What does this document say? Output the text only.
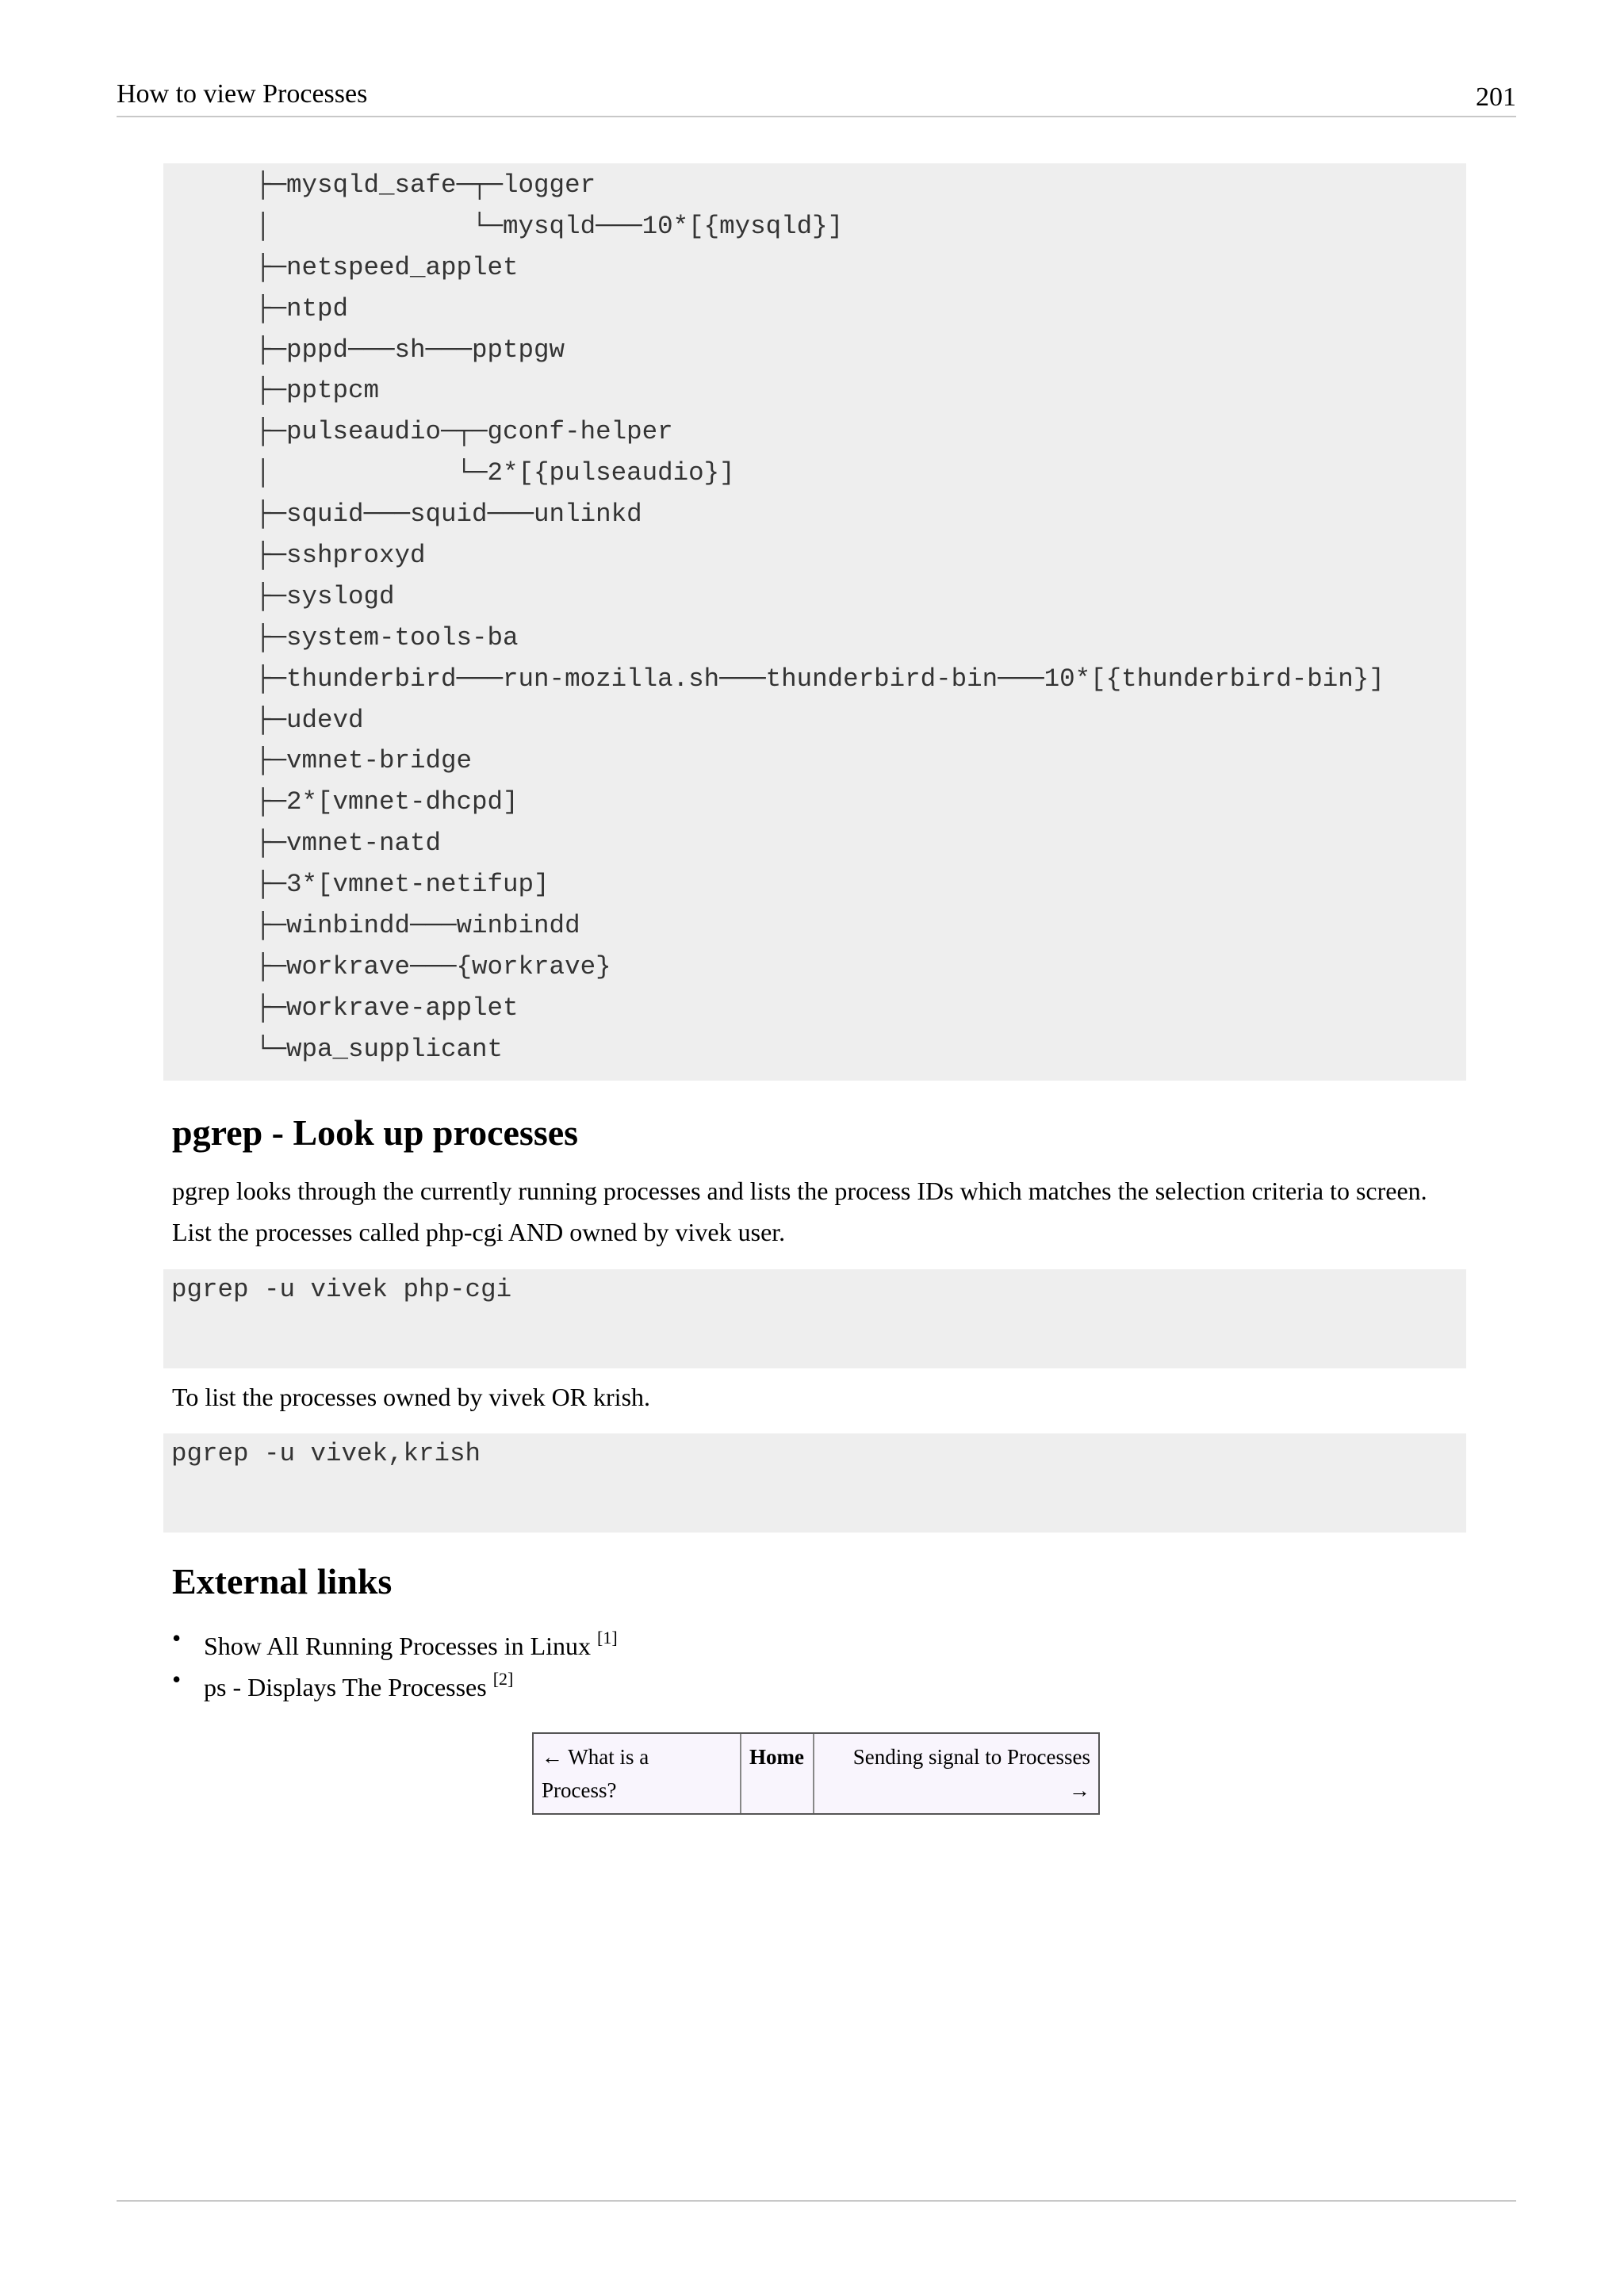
How to view Processes	201
├─mysqld_safe─┬─logger
│             └─mysqld───10*[{mysqld}]
├─netspeed_applet
├─ntpd
├─pppd───sh───pptpgw
├─pptpcm
├─pulseaudio─┬─gconf-helper
│            └─2*[{pulseaudio}]
├─squid───squid───unlinkd
├─sshproxyd
├─syslogd
├─system-tools-ba
├─thunderbird───run-mozilla.sh───thunderbird-bin───10*[{thunderbird-bin}]
├─udevd
├─vmnet-bridge
├─2*[vmnet-dhcpd]
├─vmnet-natd
├─3*[vmnet-netifup]
├─winbindd───winbindd
├─workrave───{workrave}
├─workrave-applet
└─wpa_supplicant
pgrep - Look up processes

pgrep looks through the currently running processes and lists the process IDs which matches the selection criteria to screen. List the processes called php-cgi AND owned by vivek user.

pgrep -u vivek php-cgi

To list the processes owned by vivek OR krish.

pgrep -u vivek,krish
External links
• Show All Running Processes in Linux [1]
• ps - Displays The Processes [2]
← What is a
Process?
Home	Sending signal to Processes
→
